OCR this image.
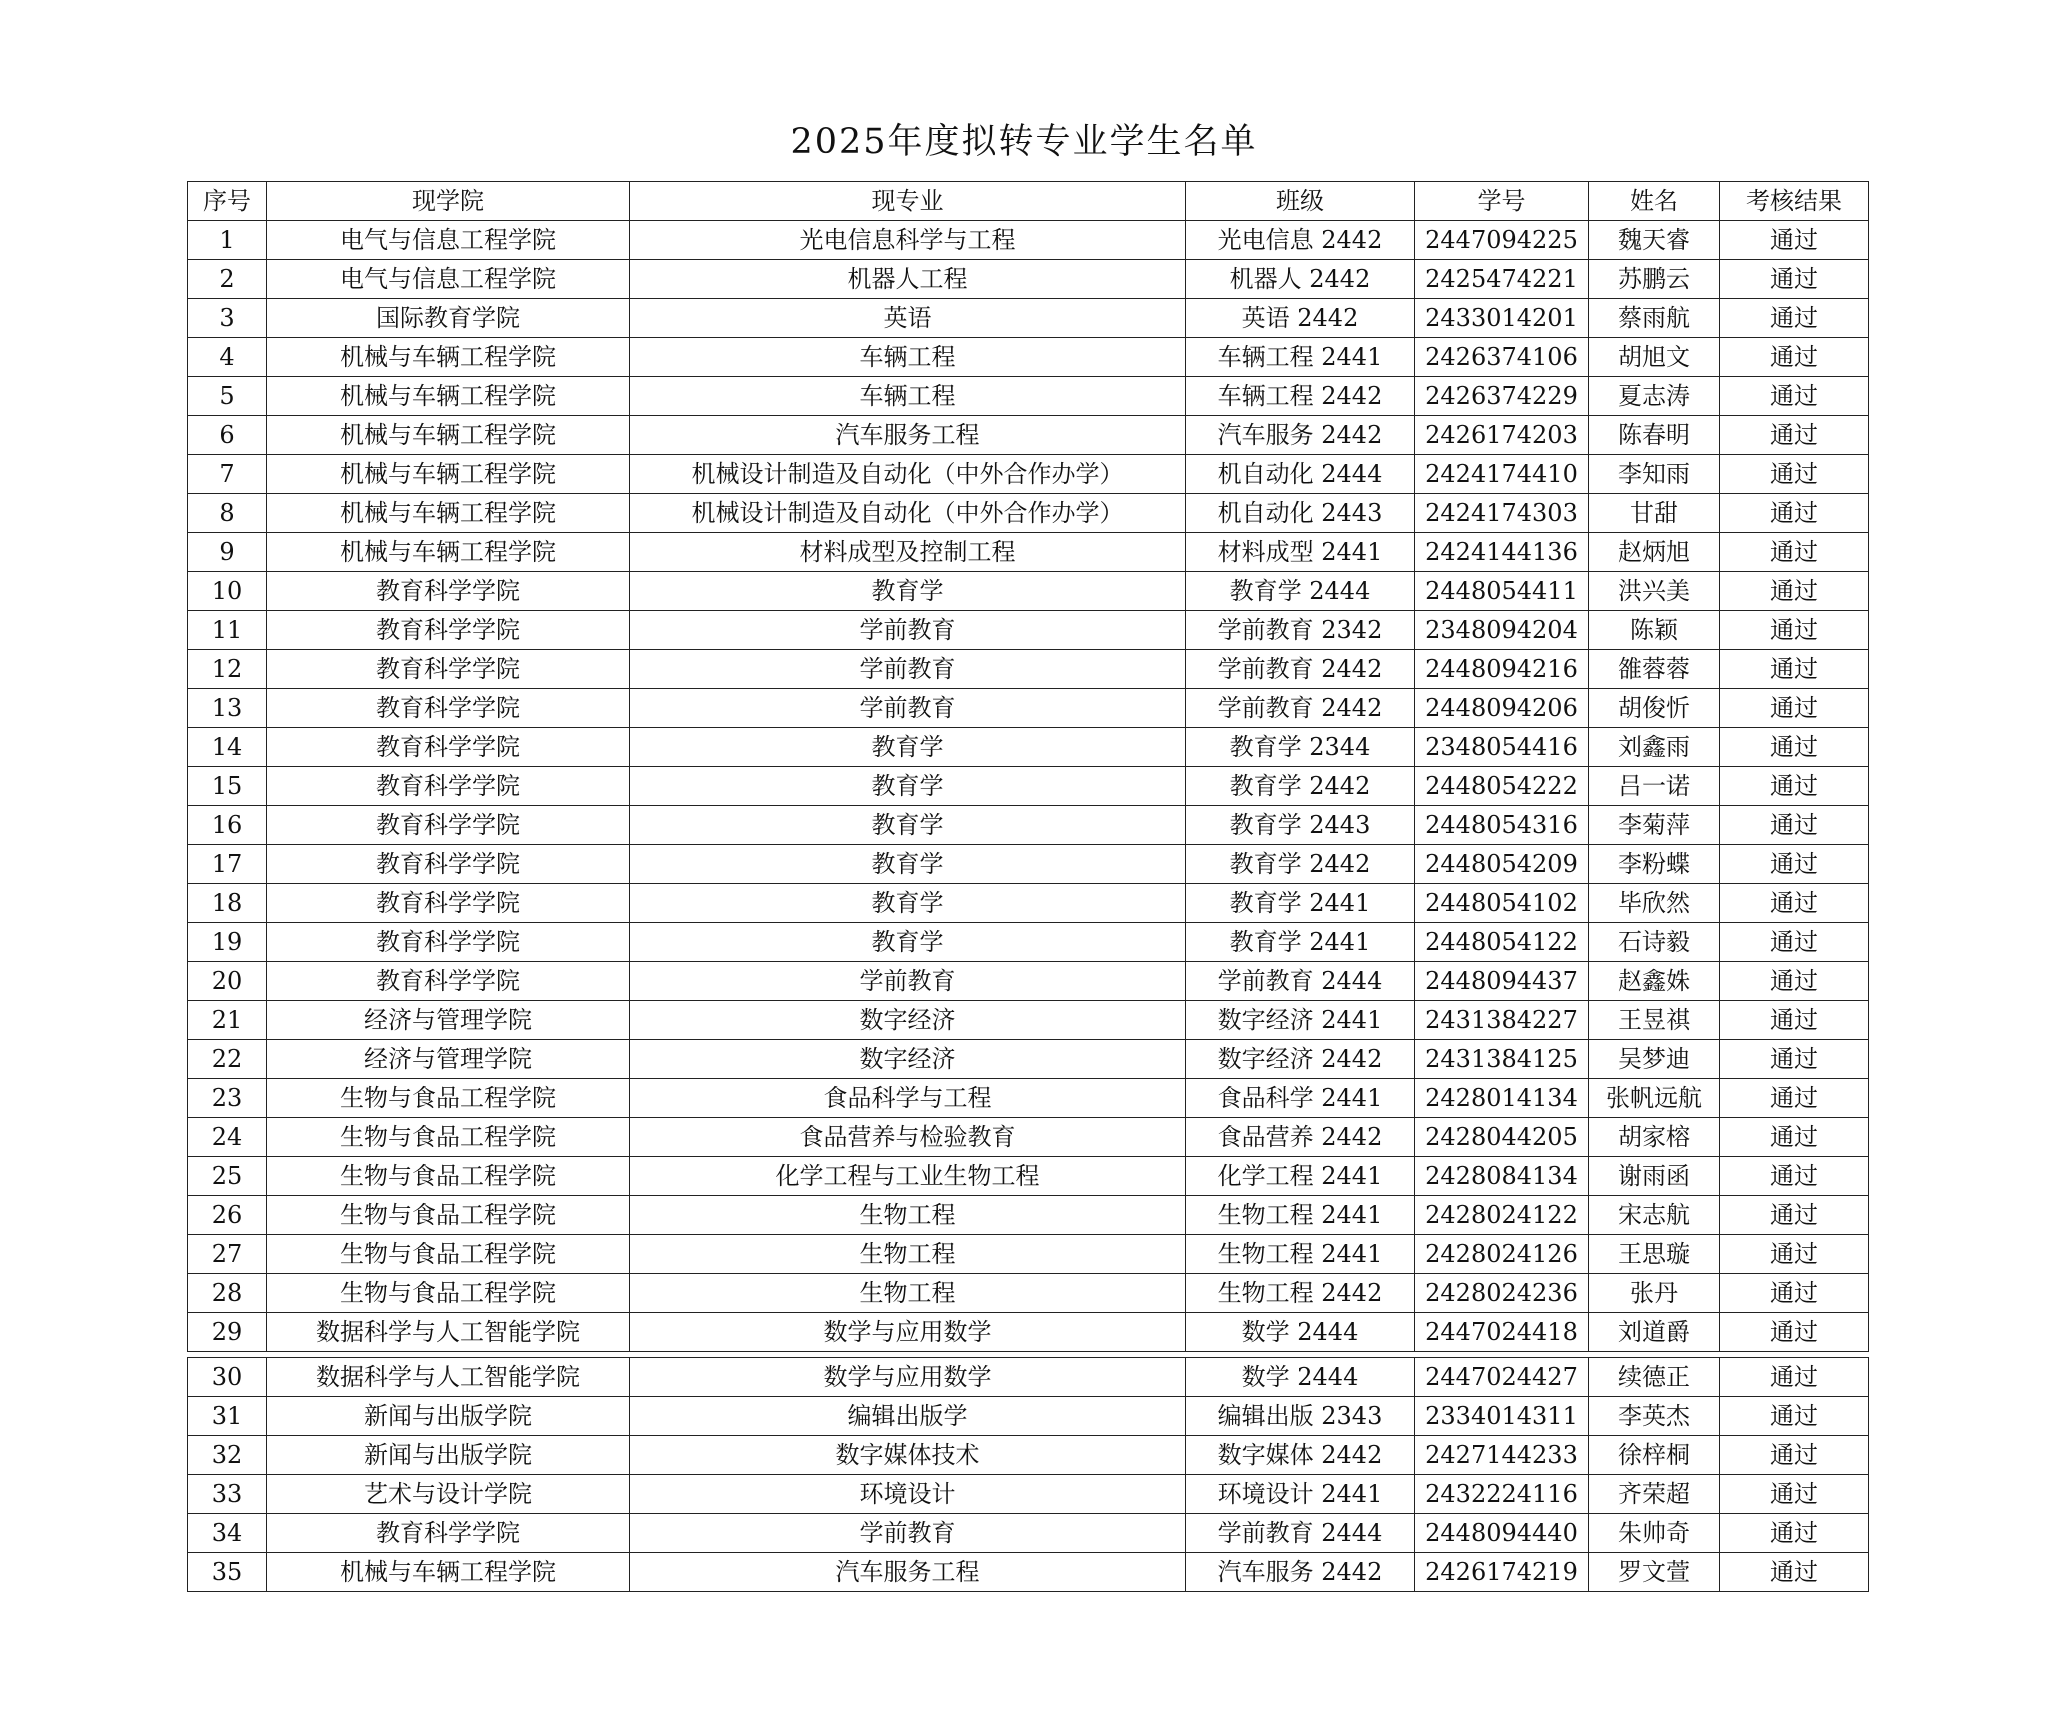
2025年度拟转专业学生名单
序号	现学院	现专业	班级	学号	姓名	考核结果
1	电气与信息工程学院	光电信息科学与工程	光电信息 2442	2447094225	魏天睿	通过
2	电气与信息工程学院	机器人工程	机器人 2442	2425474221	苏鹏云	通过
3	国际教育学院	英语	英语 2442	2433014201	蔡雨航	通过
4	机械与车辆工程学院	车辆工程	车辆工程 2441	2426374106	胡旭文	通过
5	机械与车辆工程学院	车辆工程	车辆工程 2442	2426374229	夏志涛	通过
6	机械与车辆工程学院	汽车服务工程	汽车服务 2442	2426174203	陈春明	通过
7	机械与车辆工程学院	机械设计制造及自动化（中外合作办学）	机自动化 2444	2424174410	李知雨	通过
8	机械与车辆工程学院	机械设计制造及自动化（中外合作办学）	机自动化 2443	2424174303	甘甜	通过
9	机械与车辆工程学院	材料成型及控制工程	材料成型 2441	2424144136	赵炳旭	通过
10	教育科学学院	教育学	教育学 2444	2448054411	洪兴美	通过
11	教育科学学院	学前教育	学前教育 2342	2348094204	陈颖	通过
12	教育科学学院	学前教育	学前教育 2442	2448094216	雒蓉蓉	通过
13	教育科学学院	学前教育	学前教育 2442	2448094206	胡俊忻	通过
14	教育科学学院	教育学	教育学 2344	2348054416	刘鑫雨	通过
15	教育科学学院	教育学	教育学 2442	2448054222	吕一诺	通过
16	教育科学学院	教育学	教育学 2443	2448054316	李菊萍	通过
17	教育科学学院	教育学	教育学 2442	2448054209	李粉蝶	通过
18	教育科学学院	教育学	教育学 2441	2448054102	毕欣然	通过
19	教育科学学院	教育学	教育学 2441	2448054122	石诗毅	通过
20	教育科学学院	学前教育	学前教育 2444	2448094437	赵鑫姝	通过
21	经济与管理学院	数字经济	数字经济 2441	2431384227	王昱祺	通过
22	经济与管理学院	数字经济	数字经济 2442	2431384125	吴梦迪	通过
23	生物与食品工程学院	食品科学与工程	食品科学 2441	2428014134	张帆远航	通过
24	生物与食品工程学院	食品营养与检验教育	食品营养 2442	2428044205	胡家榕	通过
25	生物与食品工程学院	化学工程与工业生物工程	化学工程 2441	2428084134	谢雨函	通过
26	生物与食品工程学院	生物工程	生物工程 2441	2428024122	宋志航	通过
27	生物与食品工程学院	生物工程	生物工程 2441	2428024126	王思璇	通过
28	生物与食品工程学院	生物工程	生物工程 2442	2428024236	张丹	通过
29	数据科学与人工智能学院	数学与应用数学	数学 2444	2447024418	刘道爵	通过

30	数据科学与人工智能学院	数学与应用数学	数学 2444	2447024427	续德正	通过
31	新闻与出版学院	编辑出版学	编辑出版 2343	2334014311	李英杰	通过
32	新闻与出版学院	数字媒体技术	数字媒体 2442	2427144233	徐梓桐	通过
33	艺术与设计学院	环境设计	环境设计 2441	2432224116	齐荣超	通过
34	教育科学学院	学前教育	学前教育 2444	2448094440	朱帅奇	通过
35	机械与车辆工程学院	汽车服务工程	汽车服务 2442	2426174219	罗文萱	通过
